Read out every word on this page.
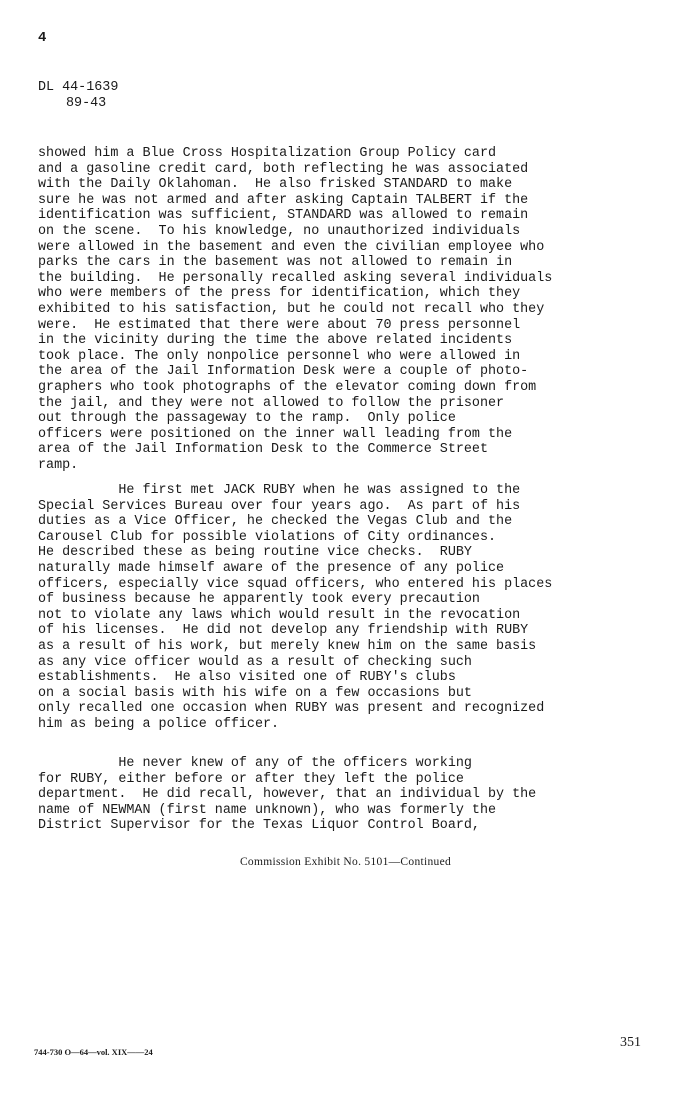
4
DL 44-1639
89-43
showed him a Blue Cross Hospitalization Group Policy card
and a gasoline credit card, both reflecting he was associated
with the Daily Oklahoman.  He also frisked STANDARD to make
sure he was not armed and after asking Captain TALBERT if the
identification was sufficient, STANDARD was allowed to remain
on the scene.  To his knowledge, no unauthorized individuals
were allowed in the basement and even the civilian employee who
parks the cars in the basement was not allowed to remain in
the building.  He personally recalled asking several individuals
who were members of the press for identification, which they
exhibited to his satisfaction, but he could not recall who they
were.  He estimated that there were about 70 press personnel
in the vicinity during the time the above related incidents
took place. The only nonpolice personnel who were allowed in
the area of the Jail Information Desk were a couple of photo-
graphers who took photographs of the elevator coming down from
the jail, and they were not allowed to follow the prisoner
out through the passageway to the ramp.  Only police
officers were positioned on the inner wall leading from the
area of the Jail Information Desk to the Commerce Street
ramp.
He first met JACK RUBY when he was assigned to the
Special Services Bureau over four years ago.  As part of his
duties as a Vice Officer, he checked the Vegas Club and the
Carousel Club for possible violations of City ordinances.
He described these as being routine vice checks.  RUBY
naturally made himself aware of the presence of any police
officers, especially vice squad officers, who entered his places
of business because he apparently took every precaution
not to violate any laws which would result in the revocation
of his licenses.  He did not develop any friendship with RUBY
as a result of his work, but merely knew him on the same basis
as any vice officer would as a result of checking such
establishments.  He also visited one of RUBY's clubs
on a social basis with his wife on a few occasions but
only recalled one occasion when RUBY was present and recognized
him as being a police officer.
He never knew of any of the officers working
for RUBY, either before or after they left the police
department.  He did recall, however, that an individual by the
name of NEWMAN (first name unknown), who was formerly the
District Supervisor for the Texas Liquor Control Board,
Commission Exhibit No. 5101—Continued
744-730 O—64—vol. XIX——24
351
